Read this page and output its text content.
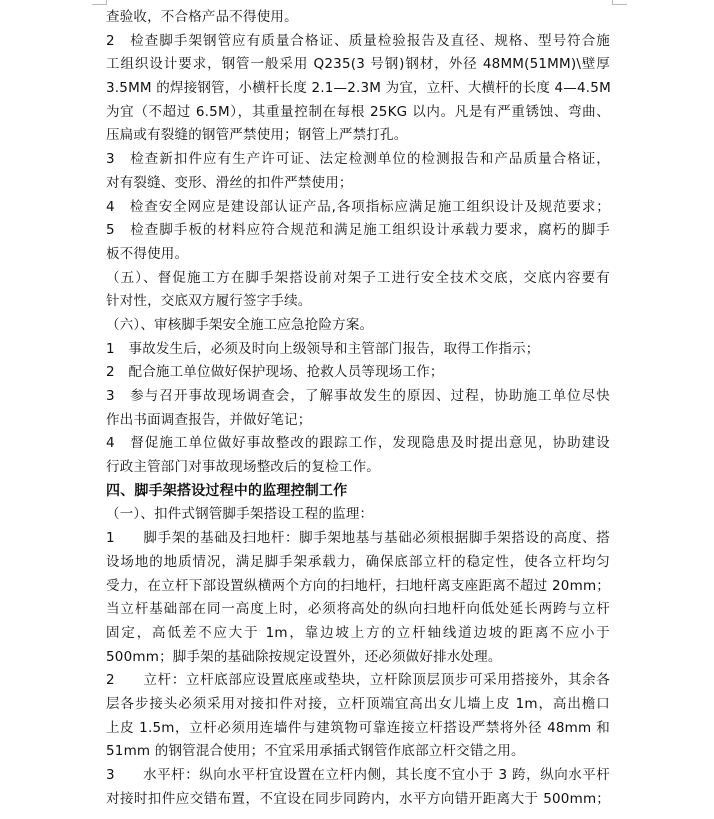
查验收，不合格产品不得使用。
2　检查脚手架钢管应有质量合格证、质量检验报告及直径、规格、型号符合施
工组织设计要求，钢管一般采用 Q235(3 号钢)钢材，外径 48MM(51MM)\壁厚
3.5MM 的焊接钢管，小横杆长度 2.1—2.3M 为宜，立杆、大横杆的长度 4—4.5M
为宜（不超过 6.5M），其重量控制在每根 25KG 以内。凡是有严重锈蚀、弯曲、
压扁或有裂缝的钢管严禁使用；钢管上严禁打孔。
3　检查新扣件应有生产许可证、法定检测单位的检测报告和产品质量合格证，
对有裂缝、变形、滑丝的扣件严禁使用；
4　检查安全网应是建设部认证产品,各项指标应满足施工组织设计及规范要求；
5　检查脚手板的材料应符合规范和满足施工组织设计承载力要求，腐朽的脚手
板不得使用。
（五）、督促施工方在脚手架搭设前对架子工进行安全技术交底，交底内容要有
针对性，交底双方履行签字手续。
（六）、审核脚手架安全施工应急抢险方案。
1　事故发生后，必须及时向上级领导和主管部门报告，取得工作指示；
2　配合施工单位做好保护现场、抢救人员等现场工作；
3　参与召开事故现场调查会，了解事故发生的原因、过程，协助施工单位尽快
作出书面调查报告，并做好笔记；
4　督促施工单位做好事故整改的跟踪工作，发现隐患及时提出意见，协助建设
行政主管部门对事故现场整改后的复检工作。
四、脚手架搭设过程中的监理控制工作
（一）、扣件式钢管脚手架搭设工程的监理：
1　　脚手架的基础及扫地杆：脚手架地基与基础必须根据脚手架搭设的高度、搭
设场地的地质情况，满足脚手架承载力，确保底部立杆的稳定性，使各立杆均匀
受力，在立杆下部设置纵横两个方向的扫地杆，扫地杆离支座距离不超过 20mm；
当立杆基础部在同一高度上时，必须将高处的纵向扫地杆向低处延长两跨与立杆
固定，高低差不应大于 1m，靠边坡上方的立杆轴线道边坡的距离不应小于
500mm；脚手架的基础除按规定设置外，还必须做好排水处理。
2　　立杆：立杆底部应设置底座或垫块，立杆除顶层顶步可采用搭接外，其余各
层各步接头必须采用对接扣件对接，立杆顶端宜高出女儿墙上皮 1m，高出檐口
上皮 1.5m，立杆必须用连墙件与建筑物可靠连接立杆搭设严禁将外径 48mm 和
51mm 的钢管混合使用；不宜采用承插式钢管作底部立杆交错之用。
3　　水平杆：纵向水平杆宜设置在立杆内侧，其长度不宜小于 3 跨，纵向水平杆
对接时扣件应交错布置，不宜设在同步同跨内，水平方向错开距离大于 500mm；
